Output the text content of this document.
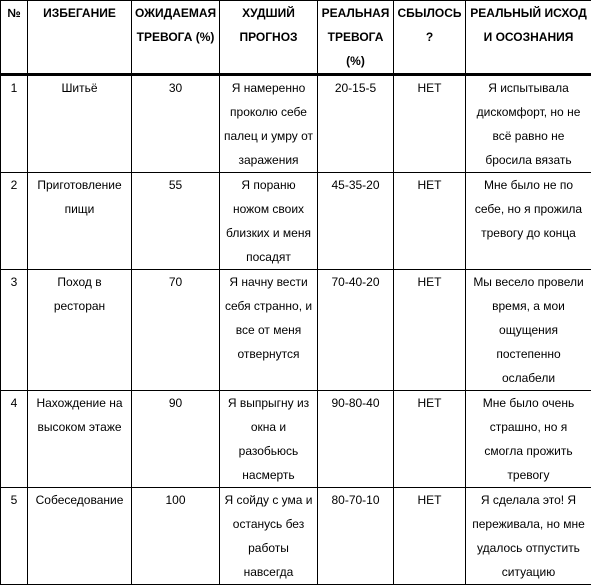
№	ИЗБЕГАНИЕ	ОЖИДАЕМАЯ ТРЕВОГА (%)	ХУДШИЙ ПРОГНОЗ	РЕАЛЬНАЯ ТРЕВОГА (%)	СБЫЛОСЬ ?	РЕАЛЬНЫЙ ИСХОД И ОСОЗНАНИЯ
1	Шитьё	30	Я намеренно проколю себе палец и умру от заражения	20-15-5	НЕТ	Я испытывала дискомфорт, но не всё равно не бросила вязать
2	Приготовление пищи	55	Я пораню ножом своих близких и меня посадят	45-35-20	НЕТ	Мне было не по себе, но я прожила тревогу до конца
3	Поход в ресторан	70	Я начну вести себя странно, и все от меня отвернутся	70-40-20	НЕТ	Мы весело провели время, а мои ощущения постепенно ослабели
4	Нахождение на высоком этаже	90	Я выпрыгну из окна и разобьюсь насмерть	90-80-40	НЕТ	Мне было очень страшно, но я смогла прожить тревогу
5	Собеседование	100	Я сойду с ума и останусь без работы навсегда	80-70-10	НЕТ	Я сделала это! Я переживала, но мне удалось отпустить ситуацию
